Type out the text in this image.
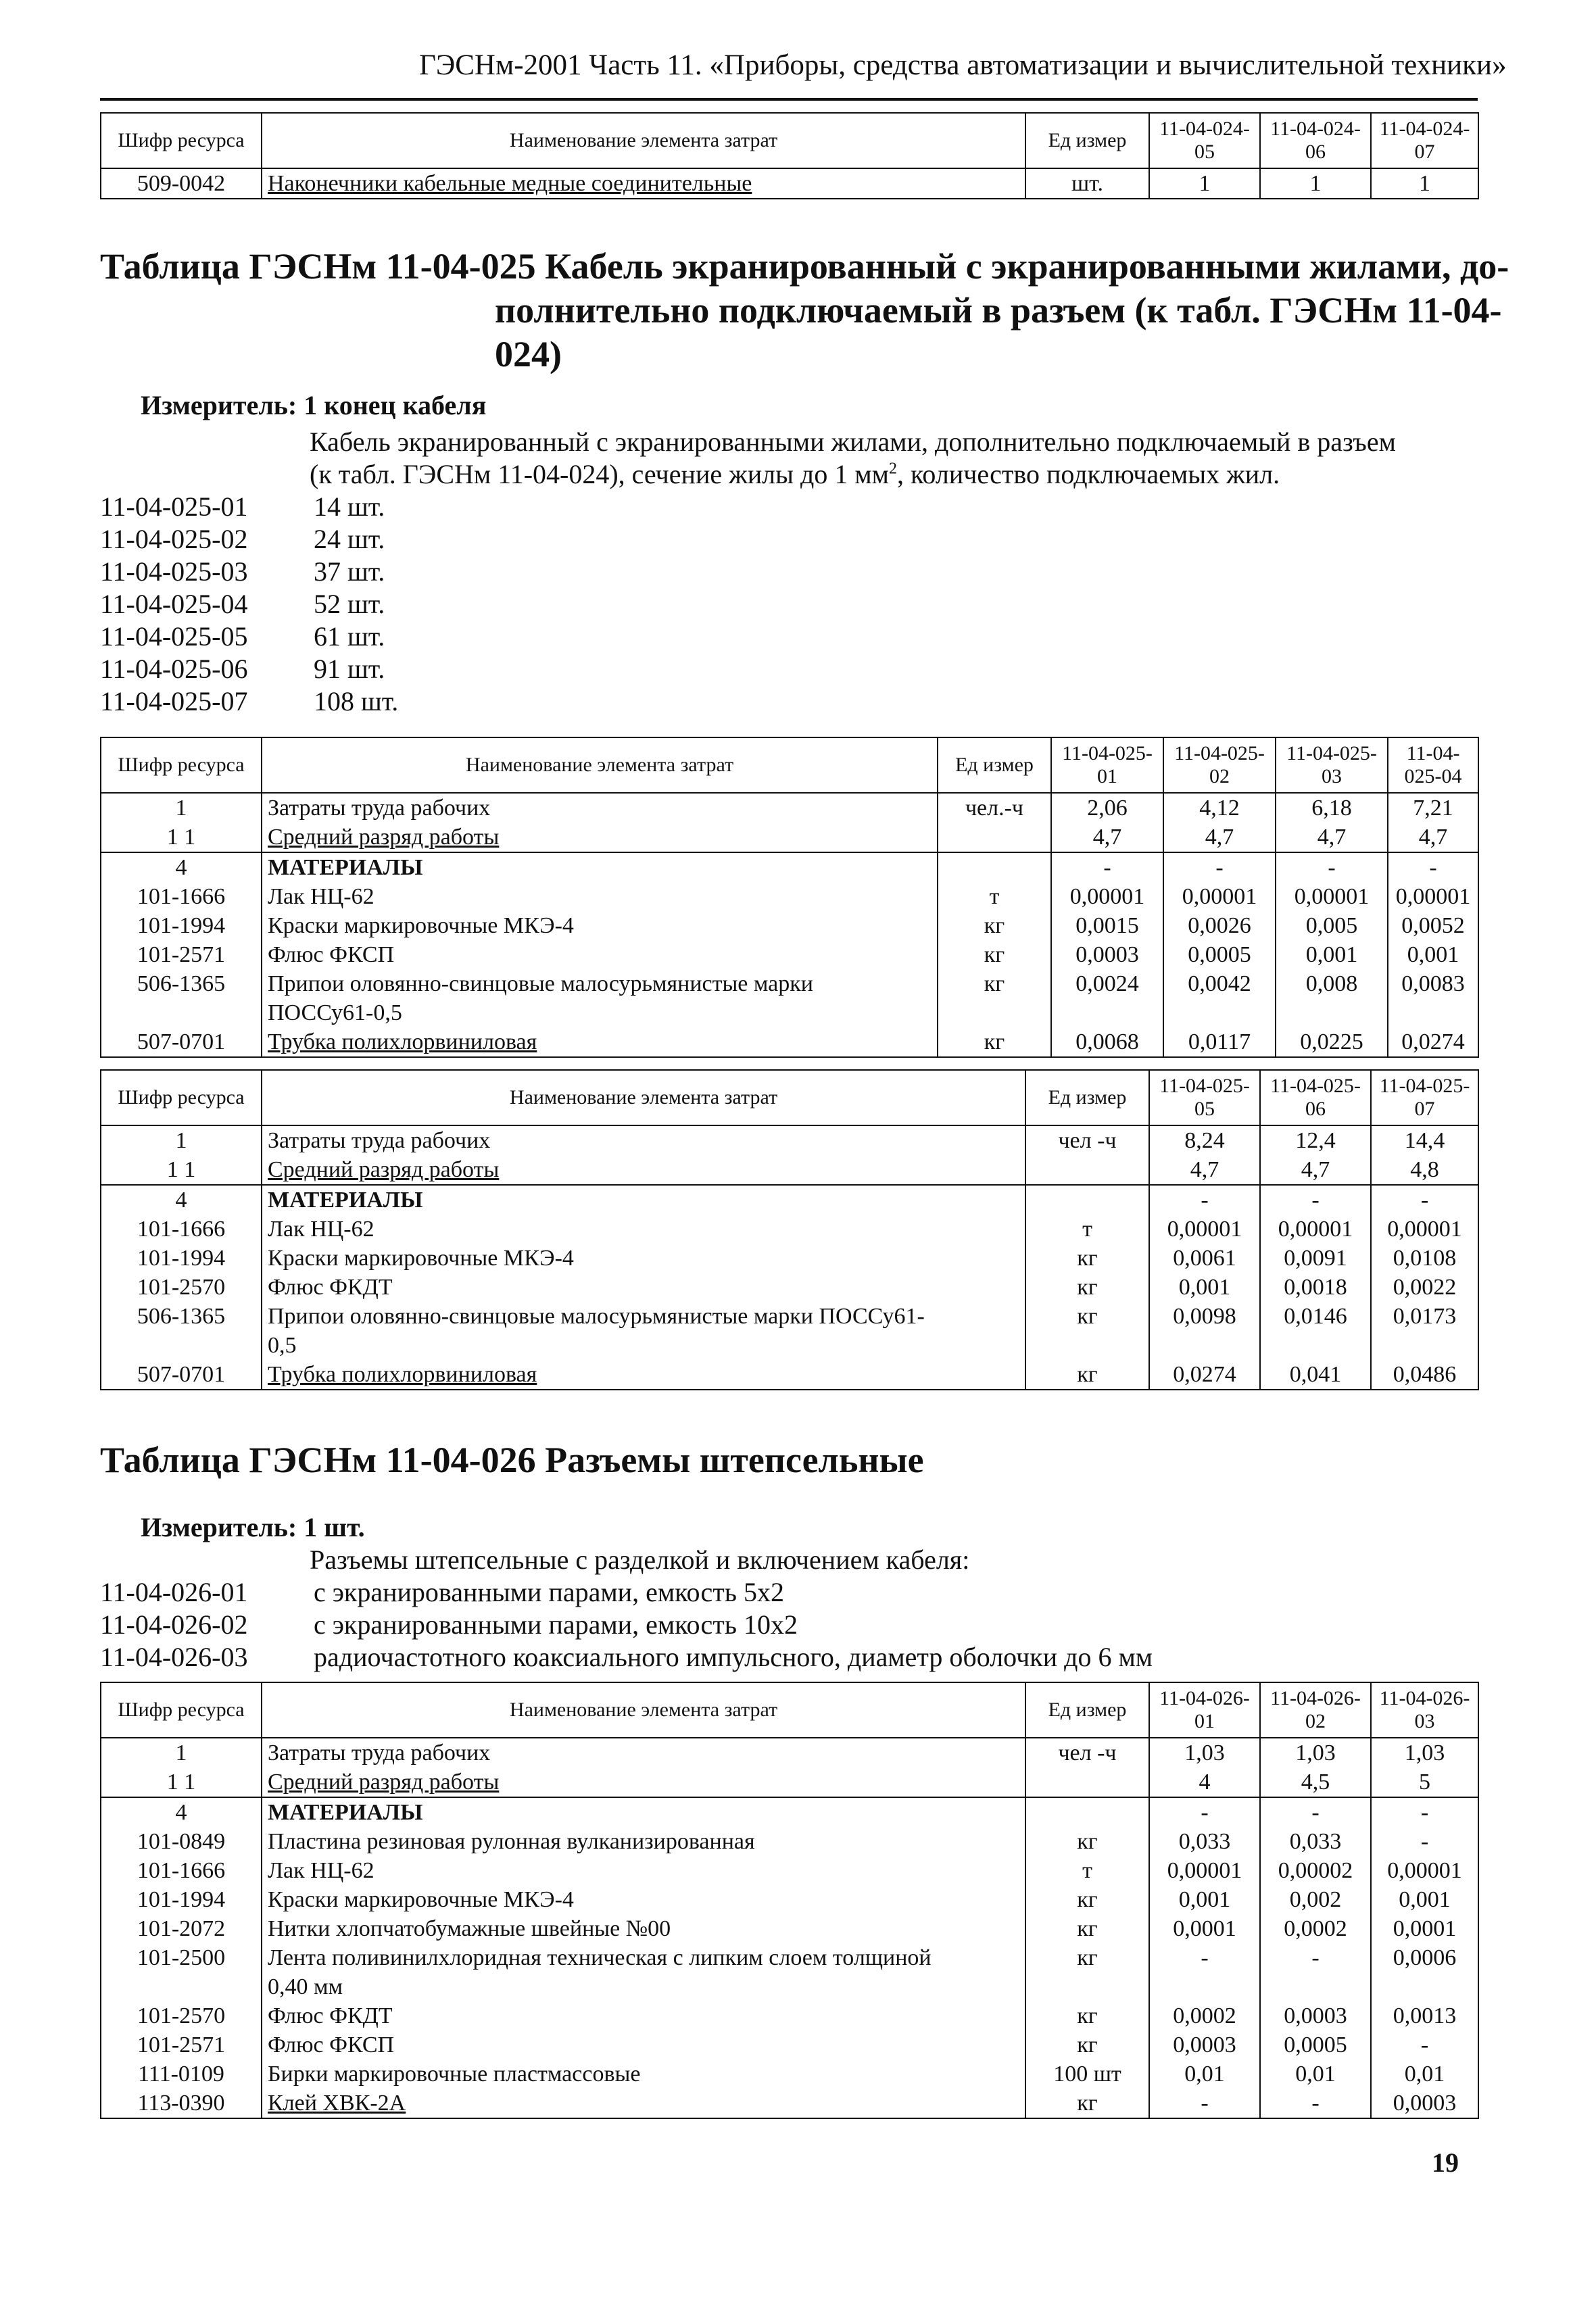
ГЭСНм-2001 Часть 11. «Приборы, средства автоматизации и вычислительной техники»
Шифр ресурса	Наименование элемента затрат	Ед измер	11-04-024-05	11-04-024-06	11-04-024-07
509-0042	Наконечники кабельные медные соединительные	шт.	1	1	1
Таблица ГЭСНм 11-04-025 Кабель экранированный с экранированными жилами, до-
полнительно подключаемый в разъем (к табл. ГЭСНм 11-04-
024)
Измеритель: 1 конец кабеля
Кабель экранированный с экранированными жилами, дополнительно подключаемый в разъем
(к табл. ГЭСНм 11-04-024), сечение жилы до 1 $мм^2$, количество подключаемых жил.
11-04-025-01 14 шт.
11-04-025-02 24 шт.
11-04-025-03 37 шт.
11-04-025-04 52 шт.
11-04-025-05 61 шт.
11-04-025-06 91 шт.
11-04-025-07 108 шт.
Шифр ресурса	Наименование элемента затрат	Ед измер	11-04-025-01	11-04-025-02	11-04-025-03	11-04-025-04
1	Затраты труда рабочих	чел.-ч	2,06	4,12	6,18	7,21
1 1	Средний разряд работы		4,7	4,7	4,7	4,7
4	МАТЕРИАЛЫ		-	-	-	-
101-1666	Лак НЦ-62	т	0,00001	0,00001	0,00001	0,00001
101-1994	Краски маркировочные МКЭ-4	кг	0,0015	0,0026	0,005	0,0052
101-2571	Флюс ФКСП	кг	0,0003	0,0005	0,001	0,001
506-1365	Припои оловянно-свинцовые малосурьмянистые марки	кг	0,0024	0,0042	0,008	0,0083
	ПОССу61-0,5					
507-0701	Трубка полихлорвиниловая	кг	0,0068	0,0117	0,0225	0,0274
Шифр ресурса	Наименование элемента затрат	Ед измер	11-04-025-05	11-04-025-06	11-04-025-07
1	Затраты труда рабочих	чел -ч	8,24	12,4	14,4
1 1	Средний разряд работы		4,7	4,7	4,8
4	МАТЕРИАЛЫ		-	-	-
101-1666	Лак НЦ-62	т	0,00001	0,00001	0,00001
101-1994	Краски маркировочные МКЭ-4	кг	0,0061	0,0091	0,0108
101-2570	Флюс ФКДТ	кг	0,001	0,0018	0,0022
506-1365	Припои оловянно-свинцовые малосурьмянистые марки ПОССу61-	кг	0,0098	0,0146	0,0173
	0,5				
507-0701	Трубка полихлорвиниловая	кг	0,0274	0,041	0,0486
Таблица ГЭСНм 11-04-026 Разъемы штепсельные
Измеритель: 1 шт.
Разъемы штепсельные с разделкой и включением кабеля:
11-04-026-01 с экранированными парами, емкость 5х2
11-04-026-02 с экранированными парами, емкость 10х2
11-04-026-03 радиочастотного коаксиального импульсного, диаметр оболочки до 6 мм
Шифр ресурса	Наименование элемента затрат	Ед измер	11-04-026-01	11-04-026-02	11-04-026-03
1	Затраты труда рабочих	чел -ч	1,03	1,03	1,03
1 1	Средний разряд работы		4	4,5	5
4	МАТЕРИАЛЫ		-	-	-
101-0849	Пластина резиновая рулонная вулканизированная	кг	0,033	0,033	-
101-1666	Лак НЦ-62	т	0,00001	0,00002	0,00001
101-1994	Краски маркировочные МКЭ-4	кг	0,001	0,002	0,001
101-2072	Нитки хлопчатобумажные швейные №00	кг	0,0001	0,0002	0,0001
101-2500	Лента поливинилхлоридная техническая с липким слоем толщиной	кг	-	-	0,0006
	0,40 мм				
101-2570	Флюс ФКДТ	кг	0,0002	0,0003	0,0013
101-2571	Флюс ФКСП	кг	0,0003	0,0005	-
111-0109	Бирки маркировочные пластмассовые	100 шт	0,01	0,01	0,01
113-0390	Клей ХВК-2А	кг	-	-	0,0003
19
